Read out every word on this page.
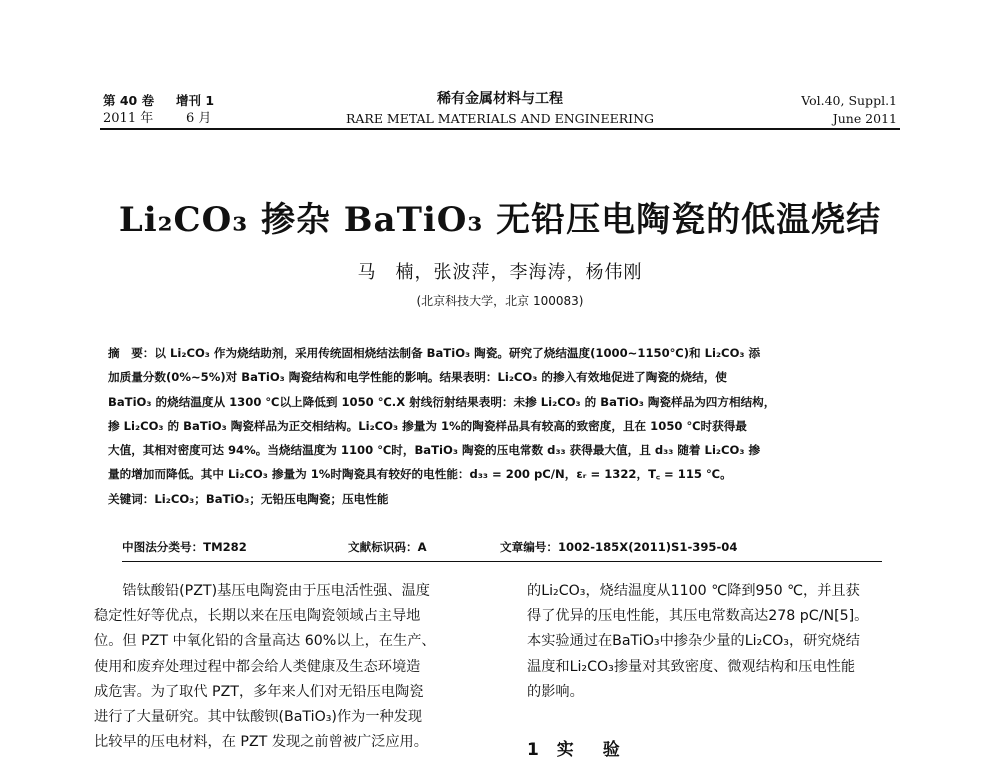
第 40 卷 增刊 1
2011 年	6 月
稀有金属材料与工程
RARE METAL MATERIALS AND ENGINEERING
Vol.40, Suppl.1
June 2011
Li₂CO₃ 掺杂 BaTiO₃ 无铅压电陶瓷的低温烧结
马　楠，张波萍，李海涛，杨伟刚
(北京科技大学，北京 100083)
摘　要：以 Li₂CO₃ 作为烧结助剂，采用传统固相烧结法制备 BaTiO₃ 陶瓷。研究了烧结温度(1000~1150℃)和 Li₂CO₃ 添
加质量分数(0%~5%)对 BaTiO₃ 陶瓷结构和电学性能的影响。结果表明：Li₂CO₃ 的掺入有效地促进了陶瓷的烧结，使
BaTiO₃ 的烧结温度从 1300 ℃以上降低到 1050 ℃.X 射线衍射结果表明：未掺 Li₂CO₃ 的 BaTiO₃ 陶瓷样品为四方相结构，
掺 Li₂CO₃ 的 BaTiO₃ 陶瓷样品为正交相结构。Li₂CO₃ 掺量为 1%的陶瓷样品具有较高的致密度，且在 1050 ℃时获得最
大值，其相对密度可达 94%。当烧结温度为 1100 ℃时，BaTiO₃ 陶瓷的压电常数 d₃₃ 获得最大值，且 d₃₃ 随着 Li₂CO₃ 掺
量的增加而降低。其中 Li₂CO₃ 掺量为 1%时陶瓷具有较好的电性能：d₃₃ = 200 pC/N，εᵣ = 1322，T꜀ = 115 ℃。
关键词：Li₂CO₃；BaTiO₃；无铅压电陶瓷；压电性能
中图法分类号：TM282	文献标识码：A	文章编号：1002-185X(2011)S1-395-04
　　锆钛酸铅(PZT)基压电陶瓷由于压电活性强、温度
稳定性好等优点，长期以来在压电陶瓷领域占主导地
位。但 PZT 中氧化铅的含量高达 60%以上，在生产、
使用和废弃处理过程中都会给人类健康及生态环境造
成危害。为了取代 PZT，多年来人们对无铅压电陶瓷
进行了大量研究。其中钛酸钡(BaTiO₃)作为一种发现
比较早的压电材料，在 PZT 发现之前曾被广泛应用。
的Li₂CO₃，烧结温度从1100 ℃降到950 ℃，并且获
得了优异的压电性能，其压电常数高达278 pC/N[5]。
本实验通过在BaTiO₃中掺杂少量的Li₂CO₃，研究烧结
温度和Li₂CO₃掺量对其致密度、微观结构和压电性能
的影响。
1 实　验
